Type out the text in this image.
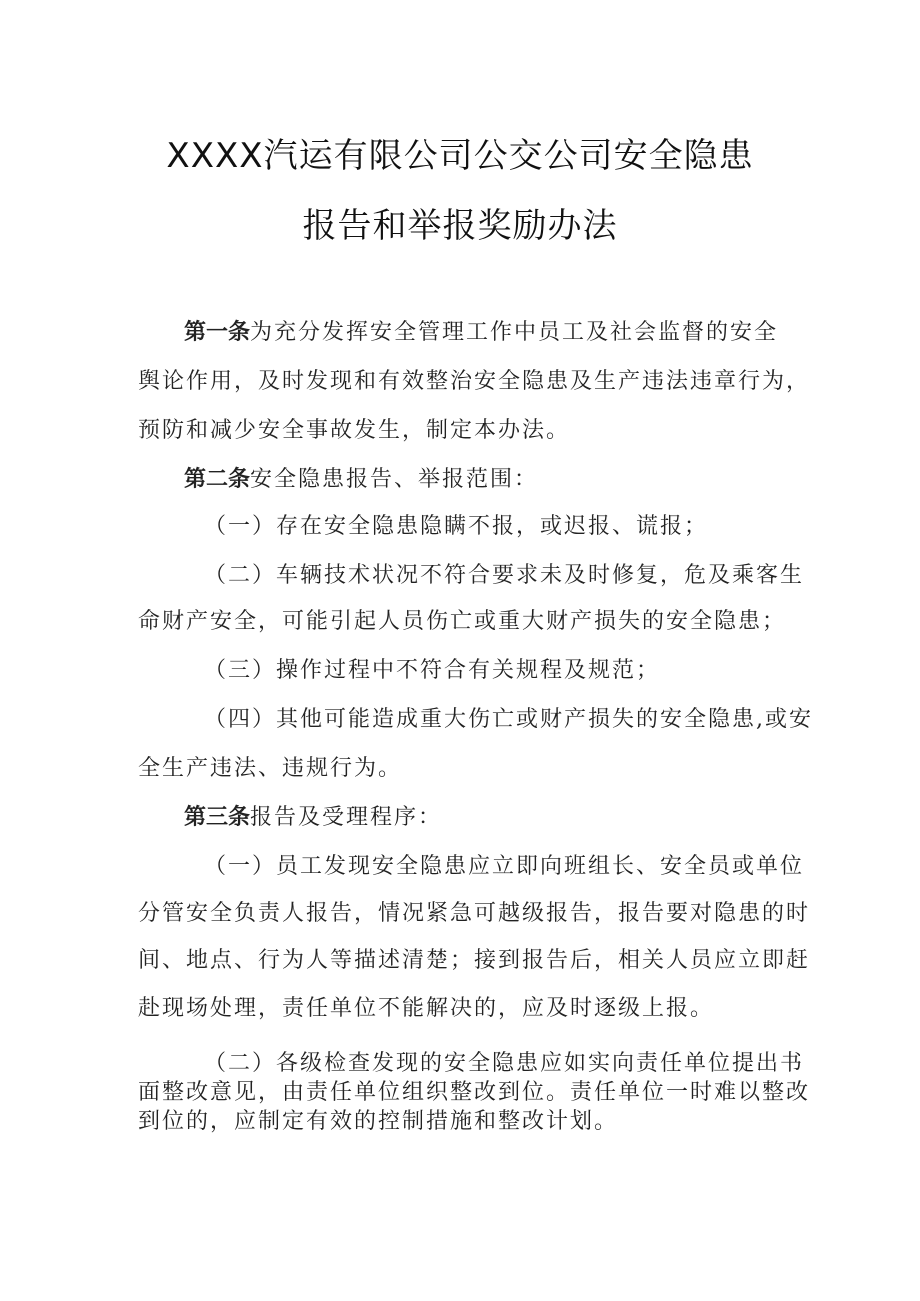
XXXX汽运有限公司公交公司安全隐患
报告和举报奖励办法
第一条为充分发挥安全管理工作中员工及社会监督的安全
舆论作用，及时发现和有效整治安全隐患及生产违法违章行为，
预防和减少安全事故发生，制定本办法。
第二条安全隐患报告、举报范围：
（一）存在安全隐患隐瞒不报，或迟报、谎报；
（二）车辆技术状况不符合要求未及时修复，危及乘客生
命财产安全，可能引起人员伤亡或重大财产损失的安全隐患；
（三）操作过程中不符合有关规程及规范；
（四）其他可能造成重大伤亡或财产损失的安全隐患,或安
全生产违法、违规行为。
第三条报告及受理程序：
（一）员工发现安全隐患应立即向班组长、安全员或单位
分管安全负责人报告，情况紧急可越级报告，报告要对隐患的时
间、地点、行为人等描述清楚；接到报告后，相关人员应立即赶
赴现场处理，责任单位不能解决的，应及时逐级上报。
（二）各级检查发现的安全隐患应如实向责任单位提出书
面整改意见，由责任单位组织整改到位。责任单位一时难以整改
到位的，应制定有效的控制措施和整改计划。
